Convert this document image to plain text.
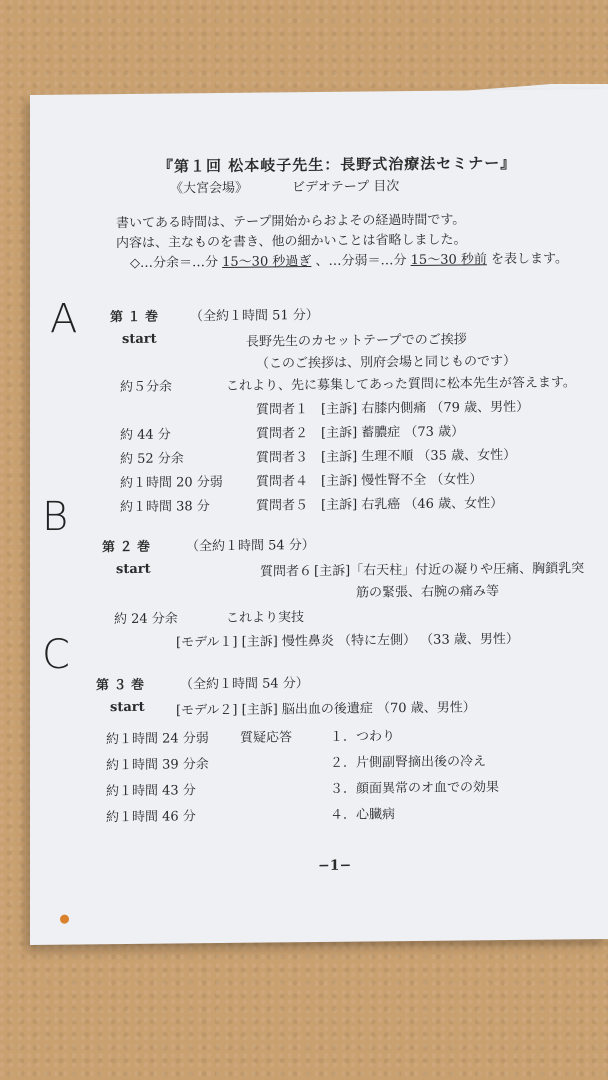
『第１回 松本岐子先生：長野式治療法セミナー』
《大宮会場》	ビデオテープ 目次
書いてある時間は、テープ開始からおよその経過時間です。
内容は、主なものを書き、他の細かいことは省略しました。
◇…分余＝…分 15～30 秒過ぎ 、…分弱＝…分 15～30 秒前 を表します。
第 １ 巻 （全約１時間 51 分）
start	長野先生のカセットテープでのご挨拶
（このご挨拶は、別府会場と同じものです）
約５分余	これより、先に募集してあった質問に松本先生が答えます。
質問者１　[主訴] 右膝内側痛 （79 歳、男性）
約 44 分	質問者２　[主訴] 蓄膿症 （73 歳）
約 52 分余	質問者３　[主訴] 生理不順 （35 歳、女性）
約１時間 20 分弱	質問者４　[主訴] 慢性腎不全 （女性）
約１時間 38 分	質問者５　[主訴] 右乳癌 （46 歳、女性）
第 ２ 巻	（全約１時間 54 分）
start	質問者６ [主訴]「右天柱」付近の凝りや圧痛、胸鎖乳突
筋の緊張、右腕の痛み等
約 24 分余	これより実技
[モデル１] [主訴] 慢性鼻炎 （特に左側） （33 歳、男性）
第 ３ 巻	（全約１時間 54 分）
start [モデル２] [主訴] 脳出血の後遺症 （70 歳、男性）
約１時間 24 分弱 質疑応答	１．つわり
約１時間 39 分余	２．片側副腎摘出後の冷え
約１時間 43 分	３．顔面異常のオ血での効果
約１時間 46 分	４．心臓病
−1−
A
B
C
